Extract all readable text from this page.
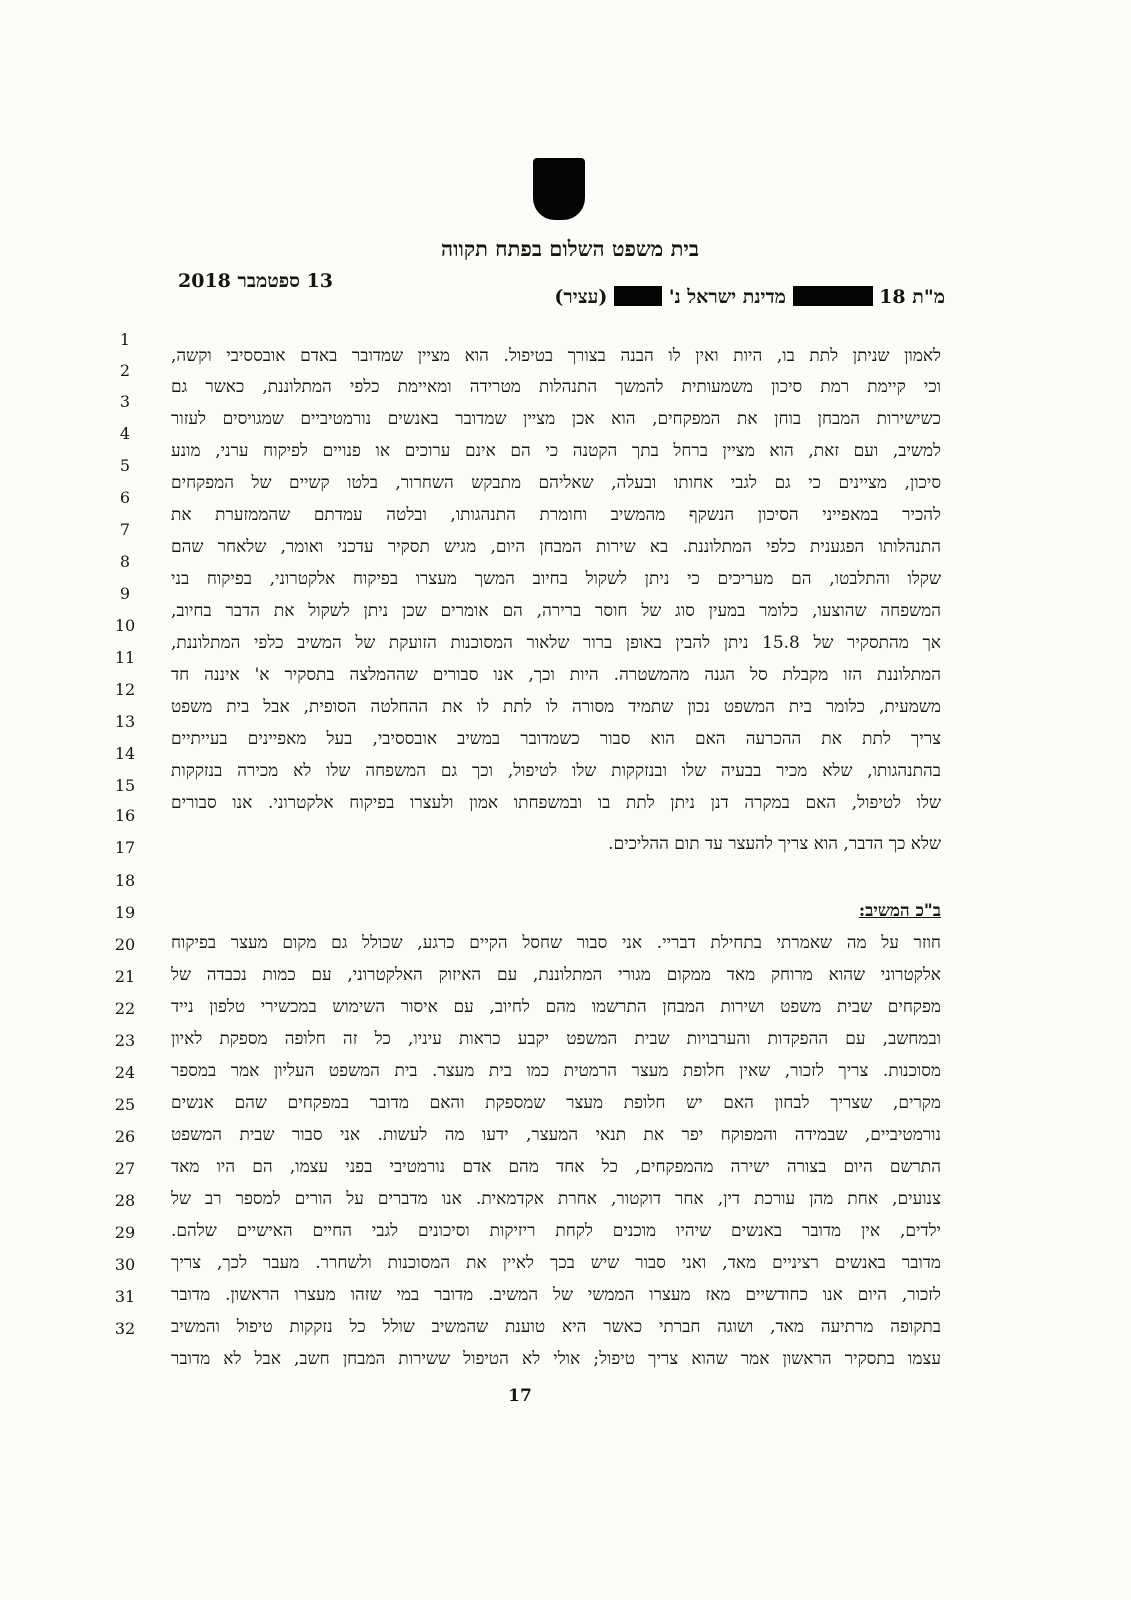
בית משפט השלום בפתח תקווה
13 ספטמבר 2018
מ"ת 18  מדינת ישראל נ'  (עציר)
1
2
3
4
5
6
7
8
9
10
11
12
13
14
15
16
17
18
19
20
21
22
23
24
25
26
27
28
29
30
31
32
לאמון שניתן לתת בו, היות ואין לו הבנה בצורך בטיפול. הוא מציין שמדובר באדם אובססיבי וקשה,
וכי קיימת רמת סיכון משמעותית להמשך התנהלות מטרידה ומאיימת כלפי המתלוננת, כאשר גם
כשישירות המבחן בוחן את המפקחים, הוא אכן מציין שמדובר באנשים נורמטיביים שמגויסים לעזור
למשיב, ועם זאת, הוא מציין ברחל בתך הקטנה כי הם אינם ערוכים או פנויים לפיקוח ערני, מונע
סיכון, מציינים כי גם לגבי אחותו ובעלה, שאליהם מתבקש השחרור, בלטו קשיים של המפקחים
להכיר במאפייני הסיכון הנשקף מהמשיב וחומרת התנהגותו, ובלטה עמדתם שהממזערת את
התנהלותו הפגענית כלפי המתלוננת. בא שירות המבחן היום, מגיש תסקיר עדכני ואומר, שלאחר שהם
שקלו והתלבטו, הם מעריכים כי ניתן לשקול בחיוב המשך מעצרו בפיקוח אלקטרוני, בפיקוח בני
המשפחה שהוצעו, כלומר במעין סוג של חוסר ברירה, הם אומרים שכן ניתן לשקול את הדבר בחיוב,
אך מהתסקיר של 15.8 ניתן להבין באופן ברור שלאור המסוכנות הזועקת של המשיב כלפי המתלוננת,
המתלוננת הזו מקבלת סל הגנה מהמשטרה. היות וכך, אנו סבורים שההמלצה בתסקיר א' איננה חד
משמעית, כלומר בית המשפט נכון שתמיד מסורה לו לתת לו את ההחלטה הסופית, אבל בית משפט
צריך לתת את ההכרעה האם הוא סבור כשמדובר במשיב אובססיבי, בעל מאפיינים בעייתיים
בהתנהגותו, שלא מכיר בבעיה שלו ובנזקקות שלו לטיפול, וכך גם המשפחה שלו לא מכירה בנזקקות
שלו לטיפול, האם במקרה דנן ניתן לתת בו ובמשפחתו אמון ולעצרו בפיקוח אלקטרוני. אנו סבורים
שלא כך הדבר, הוא צריך להעצר עד תום ההליכים.
ב"כ המשיב:
חוזר על מה שאמרתי בתחילת דבריי. אני סבור שחסל הקיים כרגע, שכולל גם מקום מעצר בפיקוח
אלקטרוני שהוא מרוחק מאד ממקום מגורי המתלוננת, עם האיזוק האלקטרוני, עם כמות נכבדה של
מפקחים שבית משפט ושירות המבחן התרשמו מהם לחיוב, עם איסור השימוש במכשירי טלפון נייד
ובמחשב, עם ההפקדות והערבויות שבית המשפט יקבע כראות עיניו, כל זה חלופה מספקת לאיון
מסוכנות. צריך לזכור, שאין חלופת מעצר הרמטית כמו בית מעצר. בית המשפט העליון אמר במספר
מקרים, שצריך לבחון האם יש חלופת מעצר שמספקת והאם מדובר במפקחים שהם אנשים
נורמטיביים, שבמידה והמפוקח יפר את תנאי המעצר, ידעו מה לעשות. אני סבור שבית המשפט
התרשם היום בצורה ישירה מהמפקחים, כל אחד מהם אדם נורמטיבי בפני עצמו, הם היו מאד
צנועים, אחת מהן עורכת דין, אחר דוקטור, אחרת אקדמאית. אנו מדברים על הורים למספר רב של
ילדים, אין מדובר באנשים שיהיו מוכנים לקחת ריזיקות וסיכונים לגבי החיים האישיים שלהם.
מדובר באנשים רציניים מאד, ואני סבור שיש בכך לאיין את המסוכנות ולשחרר. מעבר לכך, צריך
לזכור, היום אנו כחודשיים מאז מעצרו הממשי של המשיב. מדובר במי שזהו מעצרו הראשון. מדובר
בתקופה מרתיעה מאד, ושוגה חברתי כאשר היא טוענת שהמשיב שולל כל נזקקות טיפול והמשיב
עצמו בתסקיר הראשון אמר שהוא צריך טיפול; אולי לא הטיפול ששירות המבחן חשב, אבל לא מדובר
17
